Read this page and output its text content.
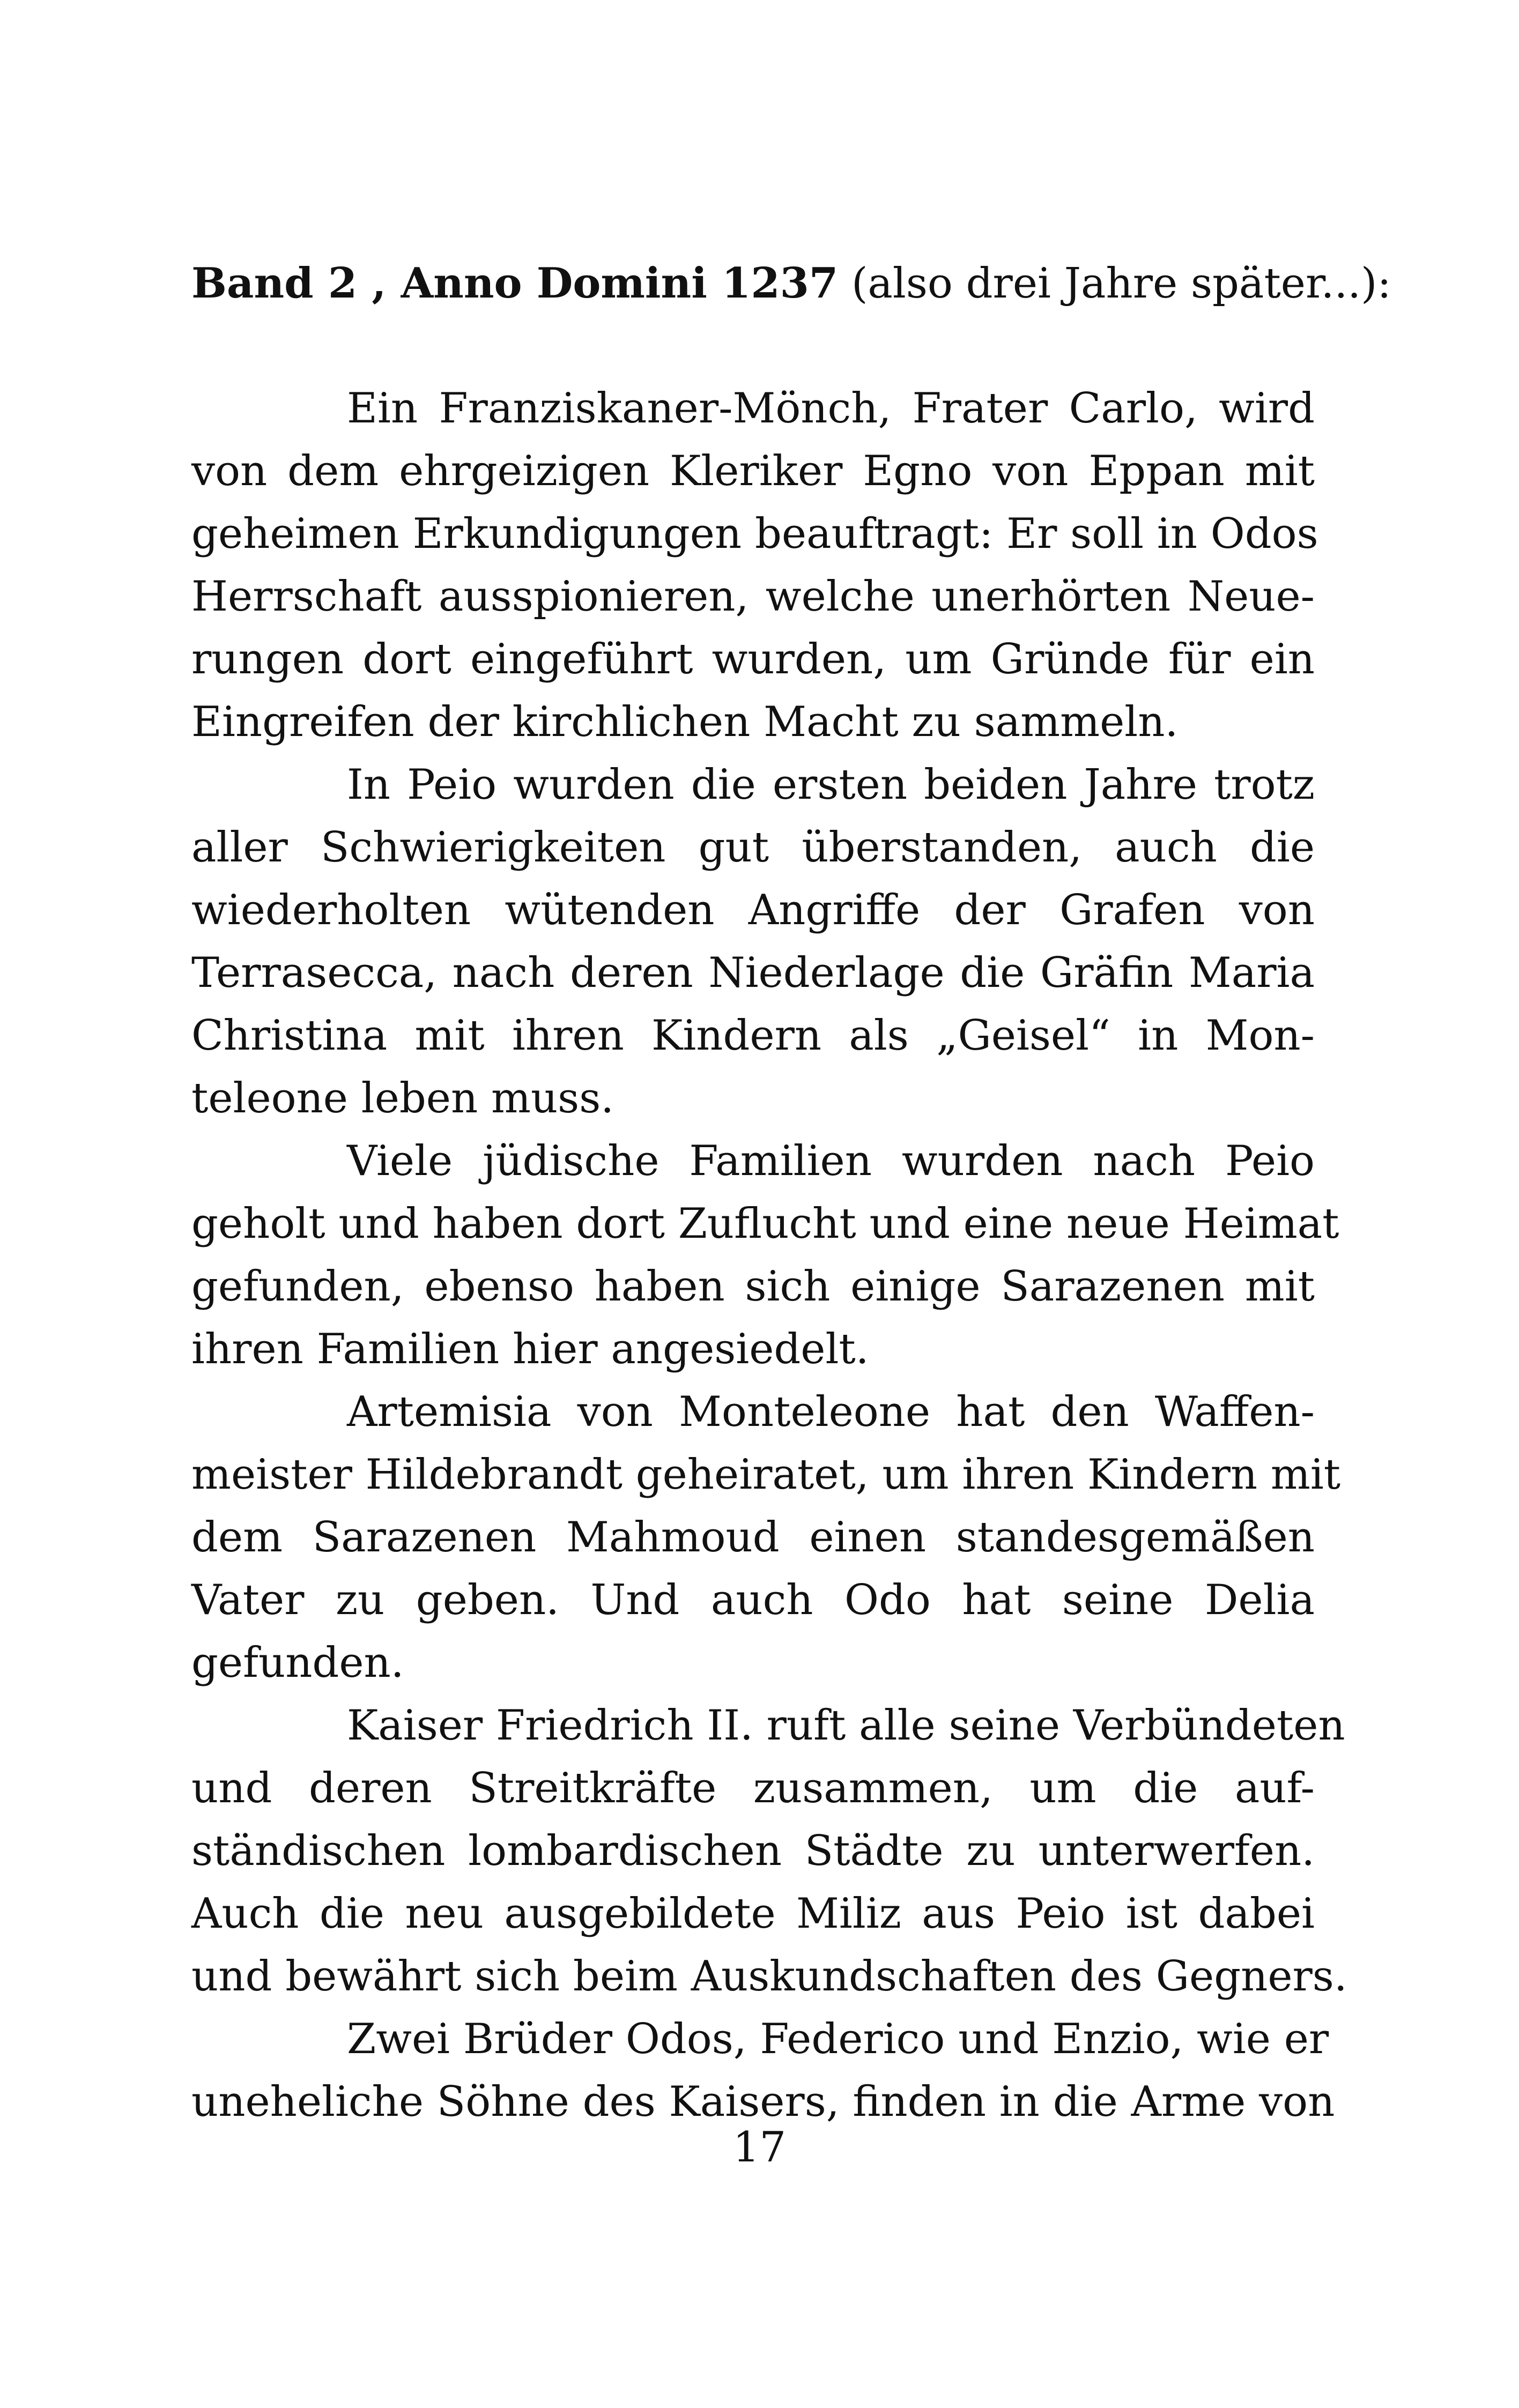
Band 2 , Anno Domini 1237 (also drei Jahre später...):

Ein Franziskaner-Mönch, Frater Carlo, wird
von dem ehrgeizigen Kleriker Egno von Eppan mit
geheimen Erkundigungen beauftragt: Er soll in Odos
Herrschaft ausspionieren, welche unerhörten Neue-
rungen dort eingeführt wurden, um Gründe für ein
Eingreifen der kirchlichen Macht zu sammeln.
In Peio wurden die ersten beiden Jahre trotz
aller Schwierigkeiten gut überstanden, auch die
wiederholten wütenden Angriffe der Grafen von
Terrasecca, nach deren Niederlage die Gräfin Maria
Christina mit ihren Kindern als „Geisel“ in Mon-
teleone leben muss.
Viele jüdische Familien wurden nach Peio
geholt und haben dort Zuflucht und eine neue Heimat
gefunden, ebenso haben sich einige Sarazenen mit
ihren Familien hier angesiedelt.
Artemisia von Monteleone hat den Waffen-
meister Hildebrandt geheiratet, um ihren Kindern mit
dem Sarazenen Mahmoud einen standesgemäßen
Vater zu geben. Und auch Odo hat seine Delia
gefunden.
Kaiser Friedrich II. ruft alle seine Verbündeten
und deren Streitkräfte zusammen, um die auf-
ständischen lombardischen Städte zu unterwerfen.
Auch die neu ausgebildete Miliz aus Peio ist dabei
und bewährt sich beim Auskundschaften des Gegners.
Zwei Brüder Odos, Federico und Enzio, wie er
uneheliche Söhne des Kaisers, finden in die Arme von
17
